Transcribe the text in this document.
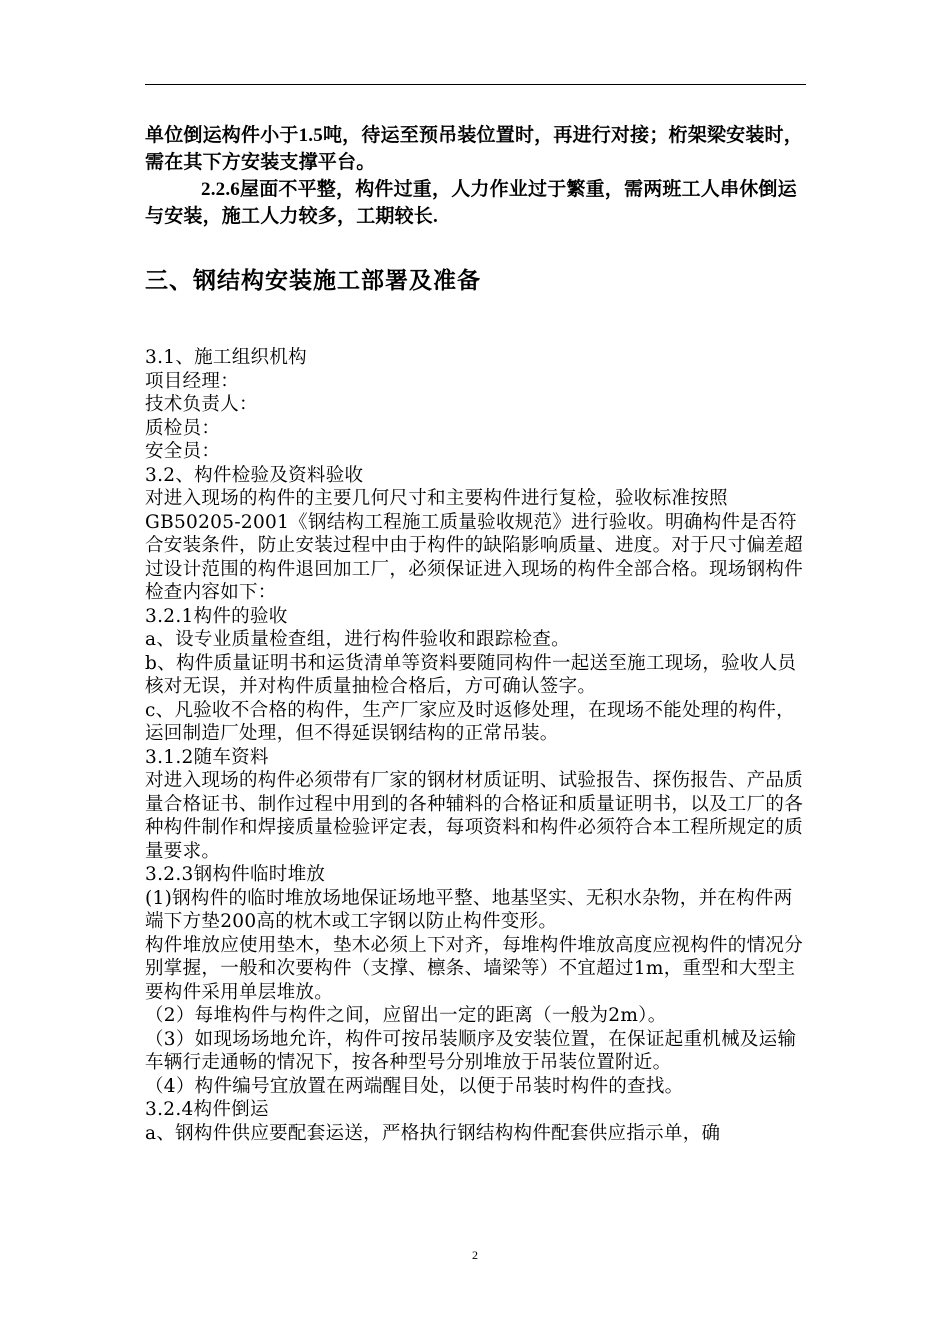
单位倒运构件小于1.5吨，待运至预吊装位置时，再进行对接；桁架梁安装时，需在其下方安装支撑平台。

2.2.6屋面不平整，构件过重，人力作业过于繁重，需两班工人串休倒运与安装，施工人力较多，工期较长.

三、钢结构安装施工部署及准备

3.1、施工组织机构

项目经理：

技术负责人：

质检员：

安全员：

3.2、构件检验及资料验收

对进入现场的构件的主要几何尺寸和主要构件进行复检，验收标准按照GB50205-2001《钢结构工程施工质量验收规范》进行验收。明确构件是否符合安装条件，防止安装过程中由于构件的缺陷影响质量、进度。对于尺寸偏差超过设计范围的构件退回加工厂，必须保证进入现场的构件全部合格。现场钢构件检查内容如下：

3.2.1构件的验收

a、设专业质量检查组，进行构件验收和跟踪检查。

b、构件质量证明书和运货清单等资料要随同构件一起送至施工现场，验收人员核对无误，并对构件质量抽检合格后，方可确认签字。

c、凡验收不合格的构件，生产厂家应及时返修处理，在现场不能处理的构件，运回制造厂处理，但不得延误钢结构的正常吊装。

3.1.2随车资料

对进入现场的构件必须带有厂家的钢材材质证明、试验报告、探伤报告、产品质量合格证书、制作过程中用到的各种辅料的合格证和质量证明书，以及工厂的各种构件制作和焊接质量检验评定表，每项资料和构件必须符合本工程所规定的质量要求。

3.2.3钢构件临时堆放

(1)钢构件的临时堆放场地保证场地平整、地基坚实、无积水杂物，并在构件两端下方垫200高的枕木或工字钢以防止构件变形。

构件堆放应使用垫木，垫木必须上下对齐，每堆构件堆放高度应视构件的情况分别掌握，一般和次要构件（支撑、檩条、墙梁等）不宜超过1m，重型和大型主要构件采用单层堆放。

（2）每堆构件与构件之间，应留出一定的距离（一般为2m）。

（3）如现场场地允许，构件可按吊装顺序及安装位置，在保证起重机械及运输车辆行走通畅的情况下，按各种型号分别堆放于吊装位置附近。

（4）构件编号宜放置在两端醒目处，以便于吊装时构件的查找。

3.2.4构件倒运

a、钢构件供应要配套运送，严格执行钢结构构件配套供应指示单，确

2
